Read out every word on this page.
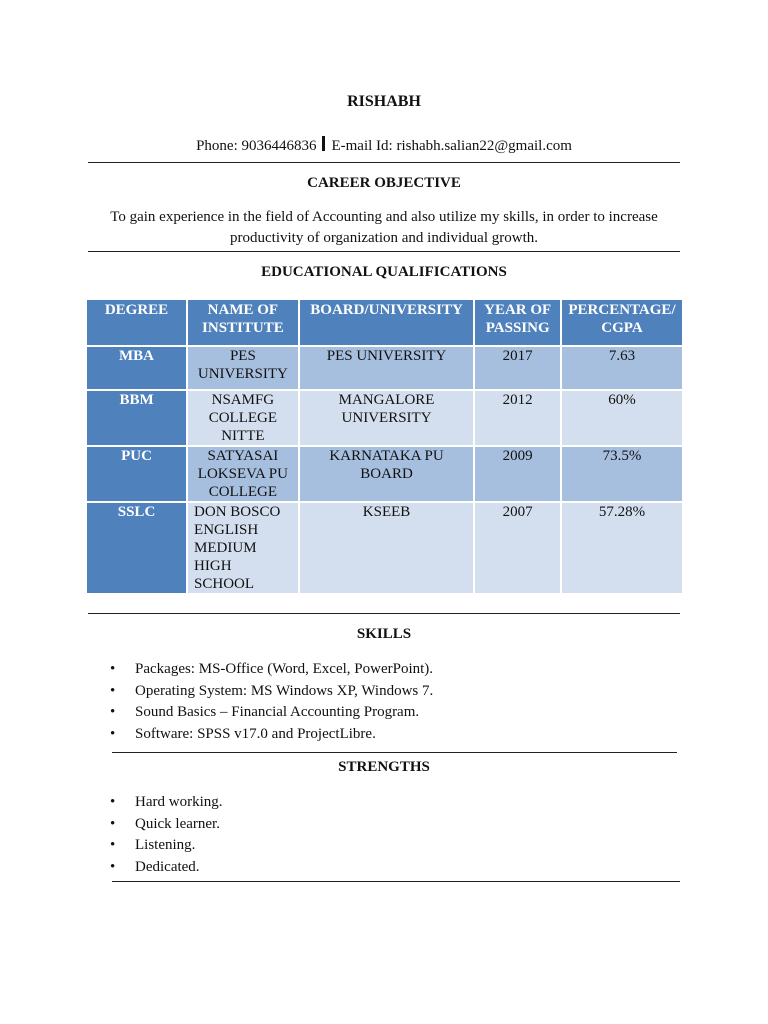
RISHABH
Phone: 9036446836 E-mail Id: rishabh.salian22@gmail.com
CAREER OBJECTIVE
To gain experience in the field of Accounting and also utilize my skills, in order to increase productivity of organization and individual growth.
EDUCATIONAL QUALIFICATIONS
DEGREE	NAME OF INSTITUTE	BOARD/UNIVERSITY	YEAR OF PASSING	PERCENTAGE/ CGPA
MBA	PES UNIVERSITY	PES UNIVERSITY	2017	7.63
BBM	NSAMFG COLLEGE NITTE	MANGALORE UNIVERSITY	2012	60%
PUC	SATYASAI LOKSEVA PU COLLEGE	KARNATAKA PU BOARD	2009	73.5%
SSLC	DON BOSCO ENGLISH MEDIUM HIGH SCHOOL	KSEEB	2007	57.28%
SKILLS
• Packages: MS-Office (Word, Excel, PowerPoint).
• Operating System: MS Windows XP, Windows 7.
• Sound Basics – Financial Accounting Program.
• Software: SPSS v17.0 and ProjectLibre.
STRENGTHS
• Hard working.
• Quick learner.
• Listening.
• Dedicated.
